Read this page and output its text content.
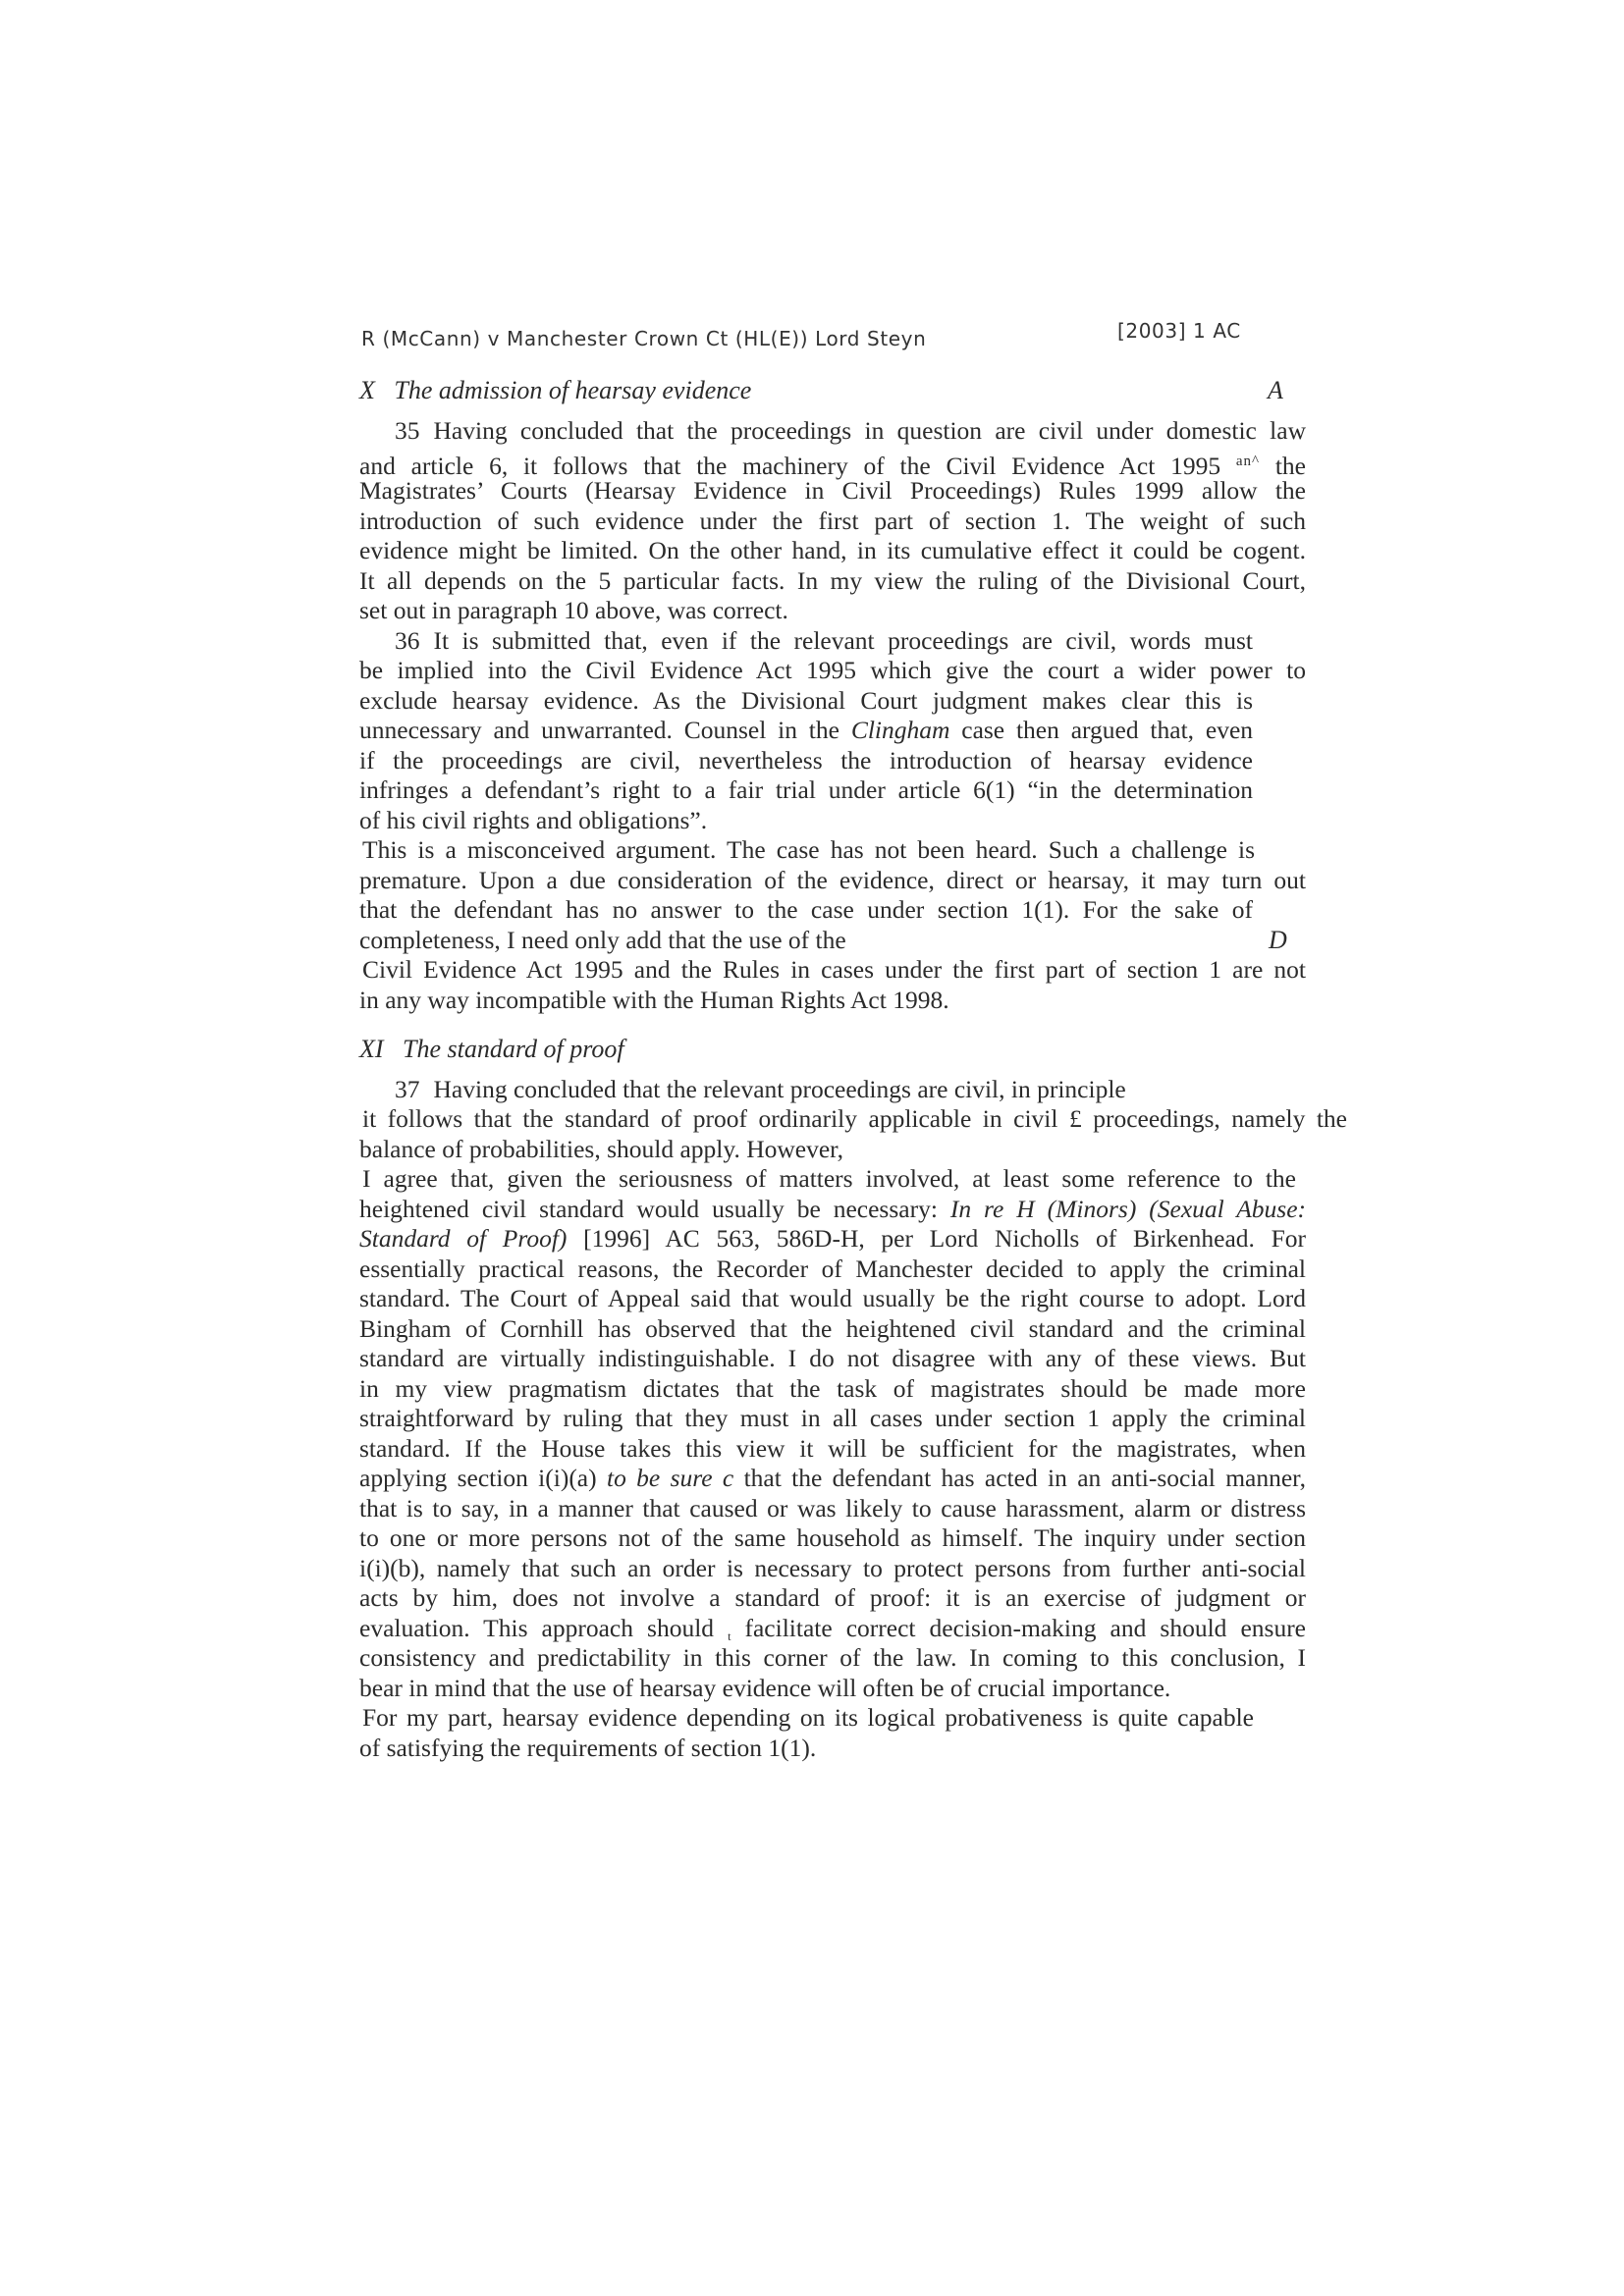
R (McCann) v Manchester Crown Ct (HL(E)) Lord Steyn	[2003] 1 AC
X The admission of hearsay evidence	A
35 Having concluded that the proceedings in question are civil under domestic law
and article 6, it follows that the machinery of the Civil Evidence Act 1995 $^{an\^{}}$ the
Magistrates’ Courts (Hearsay Evidence in Civil Proceedings) Rules 1999 allow the
introduction of such evidence under the first part of section 1. The weight of such
evidence might be limited. On the other hand, in its cumulative effect it could be cogent.
It all depends on the 5 particular facts. In my view the ruling of the Divisional Court,
set out in paragraph 10 above, was correct.
36 It is submitted that, even if the relevant proceedings are civil, words must
be implied into the Civil Evidence Act 1995 which give the court a wider power to
exclude hearsay evidence. As the Divisional Court judgment makes clear this is
unnecessary and unwarranted. Counsel in the Clingham case then argued that, even
if the proceedings are civil, nevertheless the introduction of hearsay evidence
infringes a defendant’s right to a fair trial under article 6(1) “in the determination
of his civil rights and obligations”.
This is a misconceived argument. The case has not been heard. Such a challenge is
premature. Upon a due consideration of the evidence, direct or hearsay, it may turn out
that the defendant has no answer to the case under section 1(1). For the sake of
completeness, I need only add that the use of the	D
Civil Evidence Act 1995 and the Rules in cases under the first part of section 1 are not
in any way incompatible with the Human Rights Act 1998.
XI The standard of proof
37 Having concluded that the relevant proceedings are civil, in principle
it follows that the standard of proof ordinarily applicable in civil £ proceedings, namely the
balance of probabilities, should apply. However,
I agree that, given the seriousness of matters involved, at least some reference to the
heightened civil standard would usually be necessary: In re H (Minors) (Sexual Abuse:
Standard of Proof) [1996] AC 563, 586D-H, per Lord Nicholls of Birkenhead. For
essentially practical reasons, the Recorder of Manchester decided to apply the criminal
standard. The Court of Appeal said that would usually be the right course to adopt. Lord
Bingham of Cornhill has observed that the heightened civil standard and the criminal
standard are virtually indistinguishable. I do not disagree with any of these views. But
in my view pragmatism dictates that the task of magistrates should be made more
straightforward by ruling that they must in all cases under section 1 apply the criminal
standard. If the House takes this view it will be sufficient for the magistrates, when
applying section i(i)(a) to be sure c that the defendant has acted in an anti-social manner,
that is to say, in a manner that caused or was likely to cause harassment, alarm or distress
to one or more persons not of the same household as himself. The inquiry under section
i(i)(b), namely that such an order is necessary to protect persons from further anti-social
acts by him, does not involve a standard of proof: it is an exercise of judgment or
evaluation. This approach should $_t$ facilitate correct decision-making and should ensure
consistency and predictability in this corner of the law. In coming to this conclusion, I
bear in mind that the use of hearsay evidence will often be of crucial importance.
For my part, hearsay evidence depending on its logical probativeness is quite capable
of satisfying the requirements of section 1(1).
